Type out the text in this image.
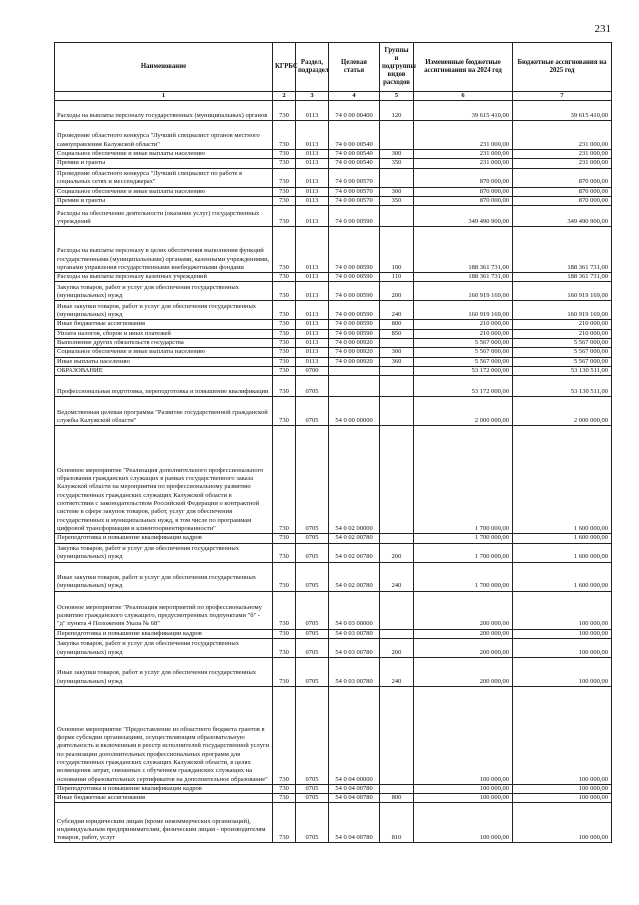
231
Наименование	КГРБС	Раздел, подраздел	Целевая статья	Группы и подгруппы видов расходов	Измененные бюджетные ассигнования на 2024 год	Бюджетные ассигнования на 2025 год
1	2	3	4	5	6	7
Расходы на выплаты персоналу государственных (муниципальных) органов	730	0113	74 0 00 00400	120	39 615 410,00	39 615 410,00
Проведение областного конкурса "Лучший специалист органов местного самоуправления Калужской области"	730	0113	74 0 00 00540		231 000,00	231 000,00
Социальное обеспечение и иные выплаты населению	730	0113	74 0 00 00540	300	231 000,00	231 000,00
Премии и гранты	730	0113	74 0 00 00540	350	231 000,00	231 000,00
Проведение областного конкурса "Лучший специалист по работе в социальных сетях и мессенджерах"	730	0113	74 0 00 00570		870 000,00	870 000,00
Социальное обеспечение и иные выплаты населению	730	0113	74 0 00 00570	300	870 000,00	870 000,00
Премии и гранты	730	0113	74 0 00 00570	350	870 000,00	870 000,00
Расходы на обеспечение деятельности (оказание услуг) государственных учреждений	730	0113	74 0 00 00590		349 490 900,00	349 490 900,00
Расходы на выплаты персоналу в целях обеспечения выполнения функций государственными (муниципальными) органами, казенными учреждениями, органами управления государственными внебюджетными фондами	730	0113	74 0 00 00590	100	188 361 731,00	188 361 731,00
Расходы на выплаты персоналу казенных учреждений	730	0113	74 0 00 00590	110	188 361 731,00	188 361 731,00
Закупка товаров, работ и услуг для обеспечения государственных (муниципальных) нужд	730	0113	74 0 00 00590	200	160 919 169,00	160 919 169,00
Иные закупки товаров, работ и услуг для обеспечения государственных (муниципальных) нужд	730	0113	74 0 00 00590	240	160 919 169,00	160 919 169,00
Иные бюджетные ассигнования	730	0113	74 0 00 00590	800	210 000,00	210 000,00
Уплата налогов, сборов и иных платежей	730	0113	74 0 00 00590	850	210 000,00	210 000,00
Выполнение других обязательств государства	730	0113	74 0 00 00920		5 567 000,00	5 567 000,00
Социальное обеспечение и иные выплаты населению	730	0113	74 0 00 00920	300	5 567 000,00	5 567 000,00
Иные выплаты населению	730	0113	74 0 00 00920	360	5 567 000,00	5 567 000,00
ОБРАЗОВАНИЕ	730	0700			53 172 000,00	53 130 511,00
Профессиональная подготовка, переподготовка и повышение квалификации	730	0705			53 172 000,00	53 130 511,00
Ведомственная целевая программа "Развитие государственной гражданской службы Калужской области"	730	0705	54 0 00 00000		2 000 000,00	2 000 000,00
Основное мероприятие "Реализация дополнительного профессионального образования гражданских служащих в рамках государственного заказа Калужской области на мероприятия по профессиональному развитию государственных гражданских служащих Калужской области в соответствии с законодательством Российской Федерации о контрактной системе в сфере закупок товаров, работ, услуг для обеспечения государственных и муниципальных нужд, в том числе по программам цифровой трансформации и клиентоориентированности"	730	0705	54 0 02 00000		1 700 000,00	1 600 000,00
Переподготовка и повышение квалификации кадров	730	0705	54 0 02 00780		1 700 000,00	1 600 000,00
Закупка товаров, работ и услуг для обеспечения государственных (муниципальных) нужд	730	0705	54 0 02 00780	200	1 700 000,00	1 600 000,00
Иные закупки товаров, работ и услуг для обеспечения государственных (муниципальных) нужд	730	0705	54 0 02 00780	240	1 700 000,00	1 600 000,00
Основное мероприятие "Реализация мероприятий по профессиональному развитию гражданского служащего, предусмотренных подпунктами "б" - "д" пункта 4 Положения Указа № 68"	730	0705	54 0 03 00000		200 000,00	100 000,00
Переподготовка и повышение квалификации кадров	730	0705	54 0 03 00780		200 000,00	100 000,00
Закупка товаров, работ и услуг для обеспечения государственных (муниципальных) нужд	730	0705	54 0 03 00780	200	200 000,00	100 000,00
Иные закупки товаров, работ и услуг для обеспечения государственных (муниципальных) нужд	730	0705	54 0 03 00780	240	200 000,00	100 000,00
Основное мероприятие "Предоставление из областного бюджета грантов в форме субсидии организациям, осуществляющим образовательную деятельность и включенным в реестр исполнителей государственной услуги по реализации дополнительных профессиональных программ для государственных гражданских служащих Калужской области, в целях возмещения затрат, связанных с обучением гражданских служащих на основании образовательных сертификатов на дополнительное образование"	730	0705	54 0 04 00000		100 000,00	100 000,00
Переподготовка и повышение квалификации кадров	730	0705	54 0 04 00780		100 000,00	100 000,00
Иные бюджетные ассигнования	730	0705	54 0 04 00780	800	100 000,00	100 000,00
Субсидии юридическим лицам (кроме некоммерческих организаций), индивидуальным предпринимателям, физическим лицам - производителям товаров, работ, услуг	730	0705	54 0 04 00780	810	100 000,00	100 000,00
